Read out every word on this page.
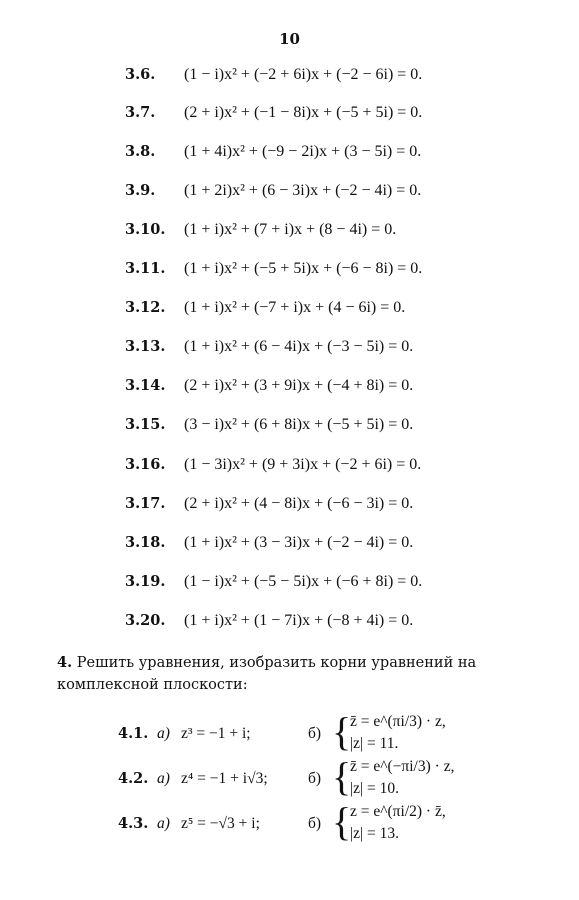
10
3.6.	(1 − i)x² + (−2 + 6i)x + (−2 − 6i) = 0.
3.7.	(2 + i)x² + (−1 − 8i)x + (−5 + 5i) = 0.
3.8.	(1 + 4i)x² + (−9 − 2i)x + (3 − 5i) = 0.
3.9.	(1 + 2i)x² + (6 − 3i)x + (−2 − 4i) = 0.
3.10.	(1 + i)x² + (7 + i)x + (8 − 4i) = 0.
3.11.	(1 + i)x² + (−5 + 5i)x + (−6 − 8i) = 0.
3.12.	(1 + i)x² + (−7 + i)x + (4 − 6i) = 0.
3.13.	(1 + i)x² + (6 − 4i)x + (−3 − 5i) = 0.
3.14.	(2 + i)x² + (3 + 9i)x + (−4 + 8i) = 0.
3.15.	(3 − i)x² + (6 + 8i)x + (−5 + 5i) = 0.
3.16.	(1 − 3i)x² + (9 + 3i)x + (−2 + 6i) = 0.
3.17.	(2 + i)x² + (4 − 8i)x + (−6 − 3i) = 0.
3.18.	(1 + i)x² + (3 − 3i)x + (−2 − 4i) = 0.
3.19.	(1 − i)x² + (−5 − 5i)x + (−6 + 8i) = 0.
3.20.	(1 + i)x² + (1 − 7i)x + (−8 + 4i) = 0.
4. Решить уравнения, изобразить корни уравнений на комплексной плоскости:
4.1. а) z³ = −1 + i;	б) {
z̄ = e^(πi/3) · z,
|z| = 11.
4.2. а) z⁴ = −1 + i√3;	б) {
z̄ = e^(−πi/3) · z,
|z| = 10.
4.3. а) z⁵ = −√3 + i;	б) {
z = e^(πi/2) · z̄,
|z| = 13.
